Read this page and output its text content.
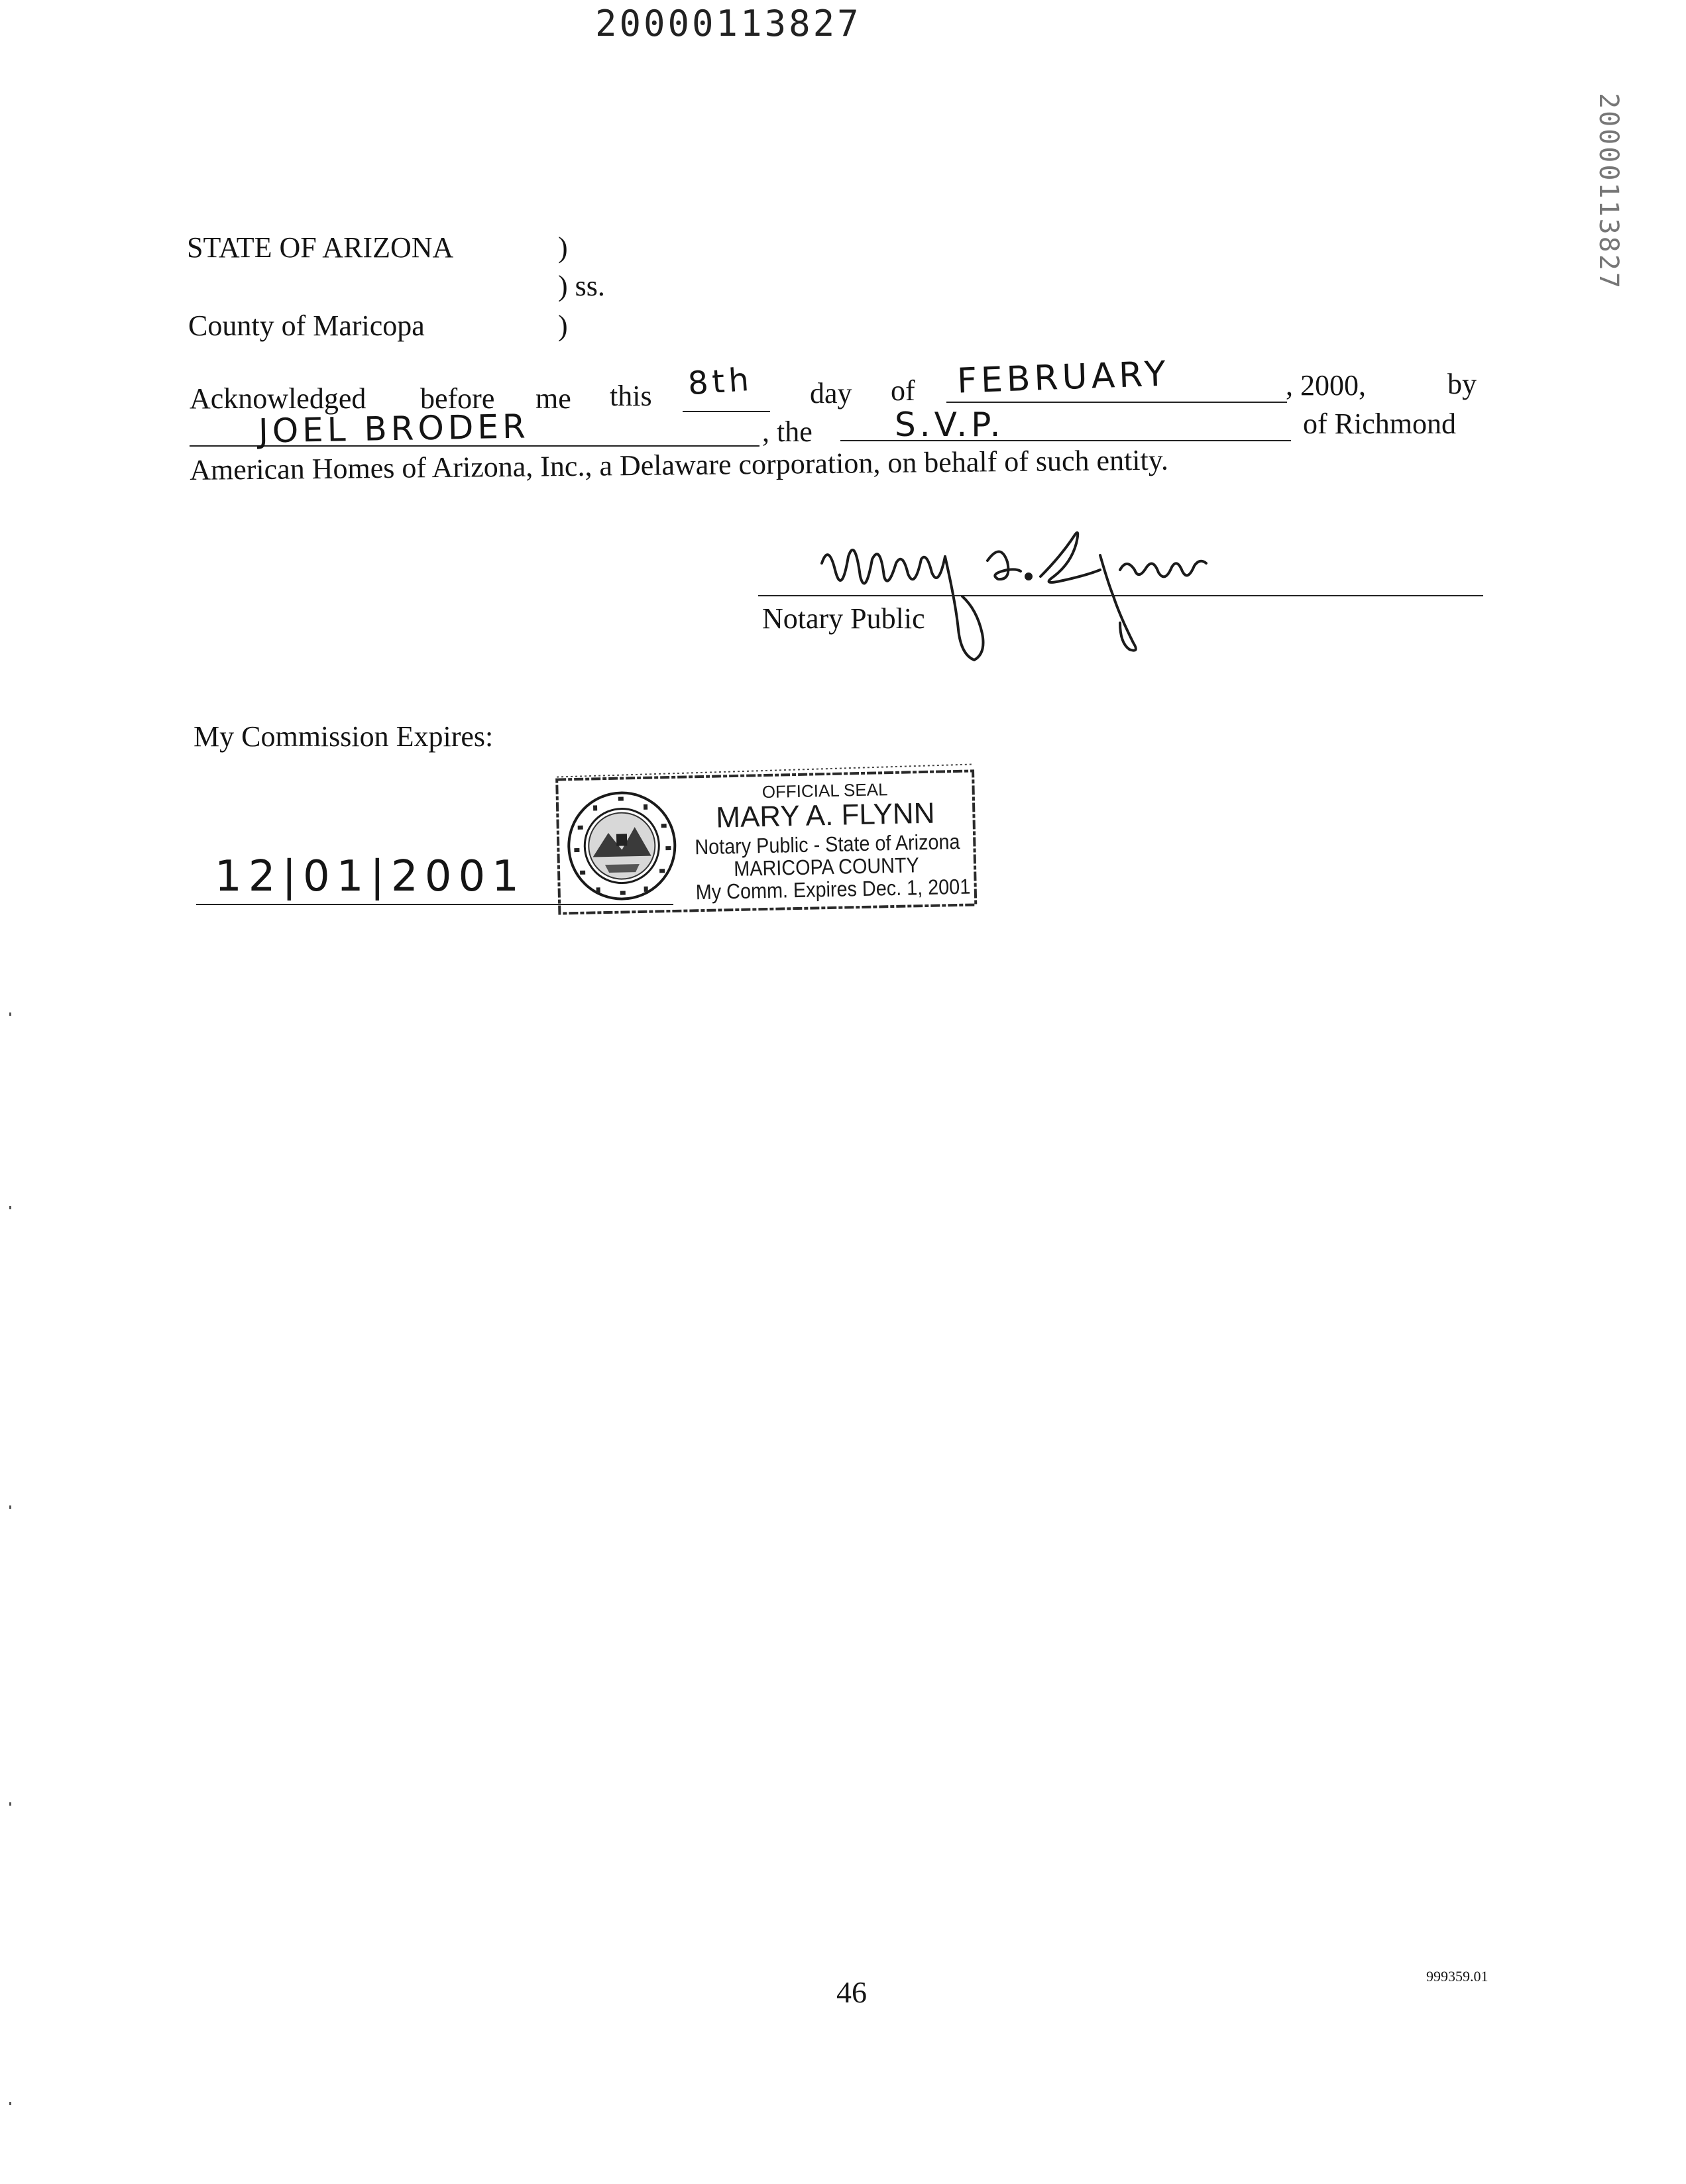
20000113827
20000113827
STATE OF ARIZONA	)
) ss.
County of Maricopa	)
Acknowledged before me this 8th day of FEBRUARY	, 2000,	by
JOEL BRODER	, the S.V.P.	of Richmond
American Homes of Arizona, Inc., a Delaware corporation, on behalf of such entity.
Notary Public
My Commission Expires:
12|01|2001
OFFICIAL SEAL
MARY A. FLYNN
Notary Public - State of Arizona
MARICOPA COUNTY
My Comm. Expires Dec. 1, 2001
46	999359.01
